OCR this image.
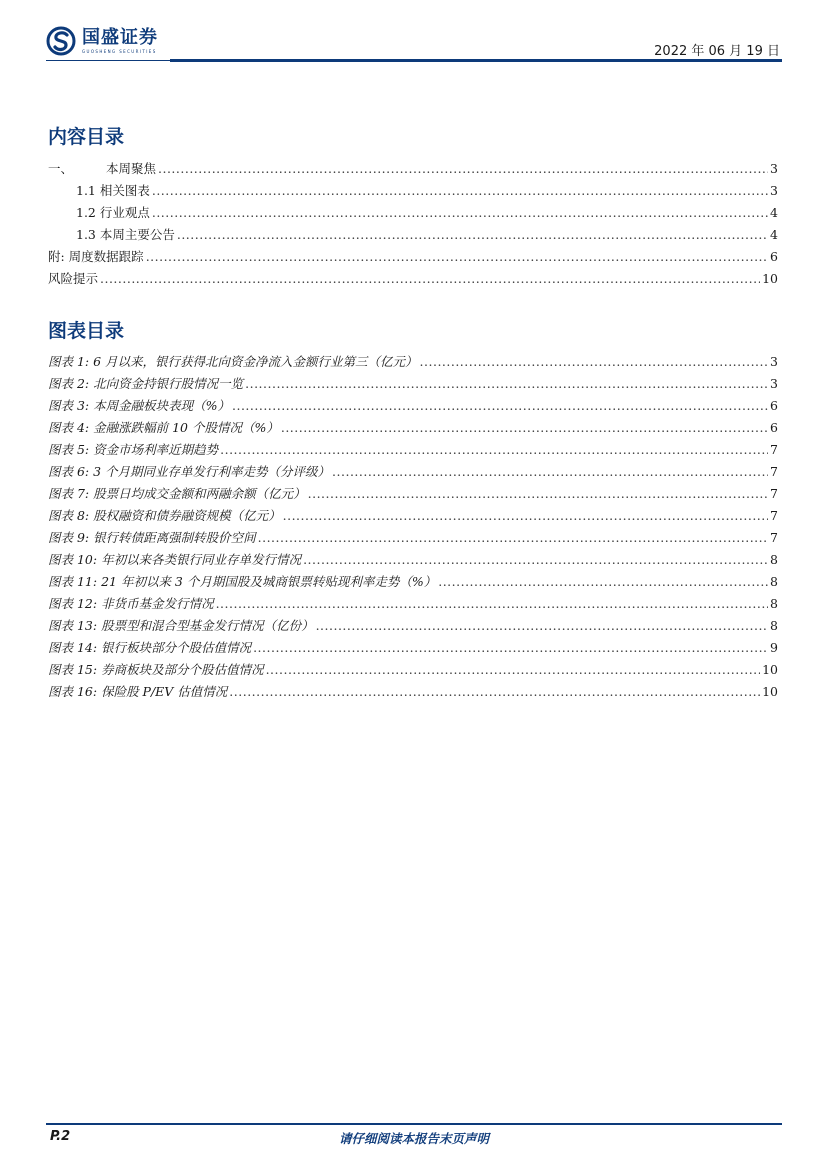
国盛证券
GUOSHENG SECURITIES	2022 年 06 月 19 日
内容目录
一、	本周聚焦 .....	3
1.1 相关图表 .....	3
1.2 行业观点 .....	4
1.3 本周主要公告 .....	4
附: 周度数据跟踪 .....	6
风险提示 .....	10
图表目录
图表 1: 6 月以来，银行获得北向资金净流入金额行业第三（亿元） .....	3
图表 2: 北向资金持银行股情况一览 .....	3
图表 3: 本周金融板块表现（%） .....	6
图表 4: 金融涨跌幅前 10 个股情况（%） .....	6
图表 5: 资金市场利率近期趋势 .....	7
图表 6: 3 个月期同业存单发行利率走势（分评级） .....	7
图表 7: 股票日均成交金额和两融余额（亿元） .....	7
图表 8: 股权融资和债券融资规模（亿元） .....	7
图表 9: 银行转债距离强制转股价空间 .....	7
图表 10: 年初以来各类银行同业存单发行情况 .....	8
图表 11: 21 年初以来 3 个月期国股及城商银票转贴现利率走势（%） .....	8
图表 12: 非货币基金发行情况 .....	8
图表 13: 股票型和混合型基金发行情况（亿份） .....	8
图表 14: 银行板块部分个股估值情况 .....	9
图表 15: 券商板块及部分个股估值情况 .....	10
图表 16: 保险股 P/EV 估值情况 .....	10
P.2	请仔细阅读本报告末页声明
